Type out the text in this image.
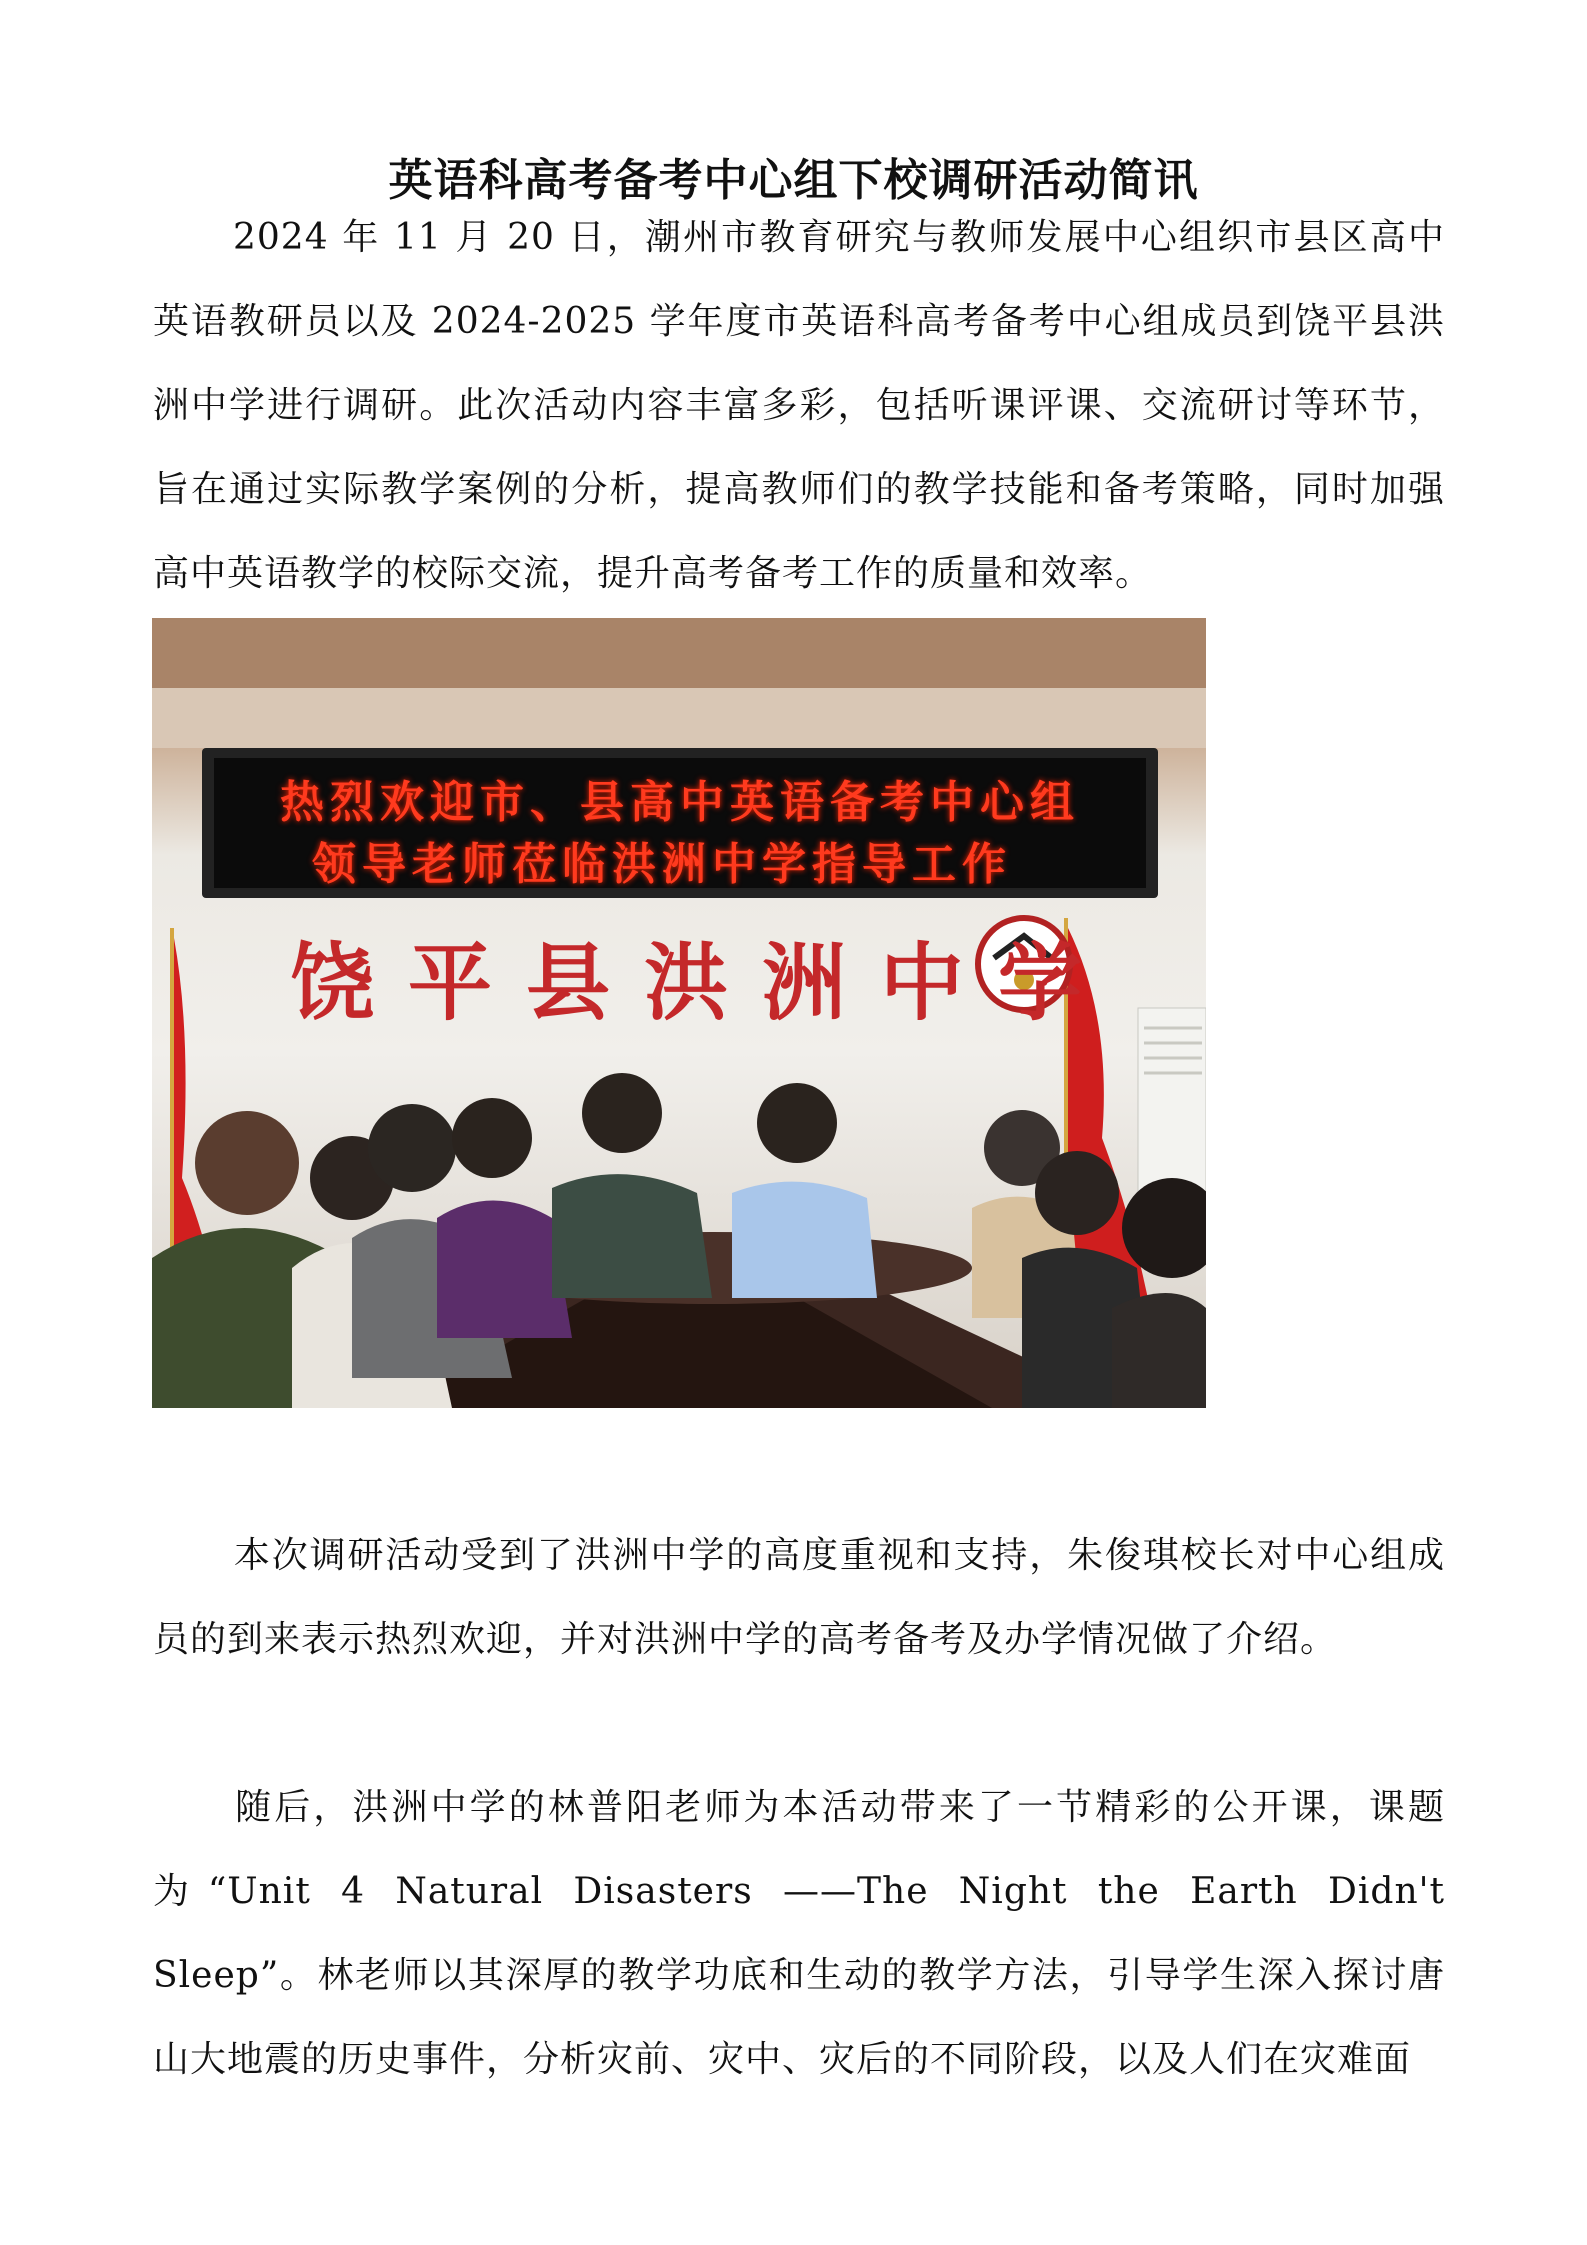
英语科高考备考中心组下校调研活动简讯

2024 年 11 月 20 日，潮州市教育研究与教师发展中心组织市县区高中英语教研员以及 2024-2025 学年度市英语科高考备考中心组成员到饶平县洪洲中学进行调研。此次活动内容丰富多彩，包括听课评课、交流研讨等环节，旨在通过实际教学案例的分析，提高教师们的教学技能和备考策略，同时加强高中英语教学的校际交流，提升高考备考工作的质量和效率。

热烈欢迎市、县高中英语备考中心组
领导老师莅临洪洲中学指导工作
饶平县洪洲中学

本次调研活动受到了洪洲中学的高度重视和支持，朱俊琪校长对中心组成员的到来表示热烈欢迎，并对洪洲中学的高考备考及办学情况做了介绍。

随后，洪洲中学的林普阳老师为本活动带来了一节精彩的公开课，课题为“Unit 4 Natural Disasters ——The Night the Earth Didn't Sleep”。林老师以其深厚的教学功底和生动的教学方法，引导学生深入探讨唐山大地震的历史事件，分析灾前、灾中、灾后的不同阶段，以及人们在灾难面
